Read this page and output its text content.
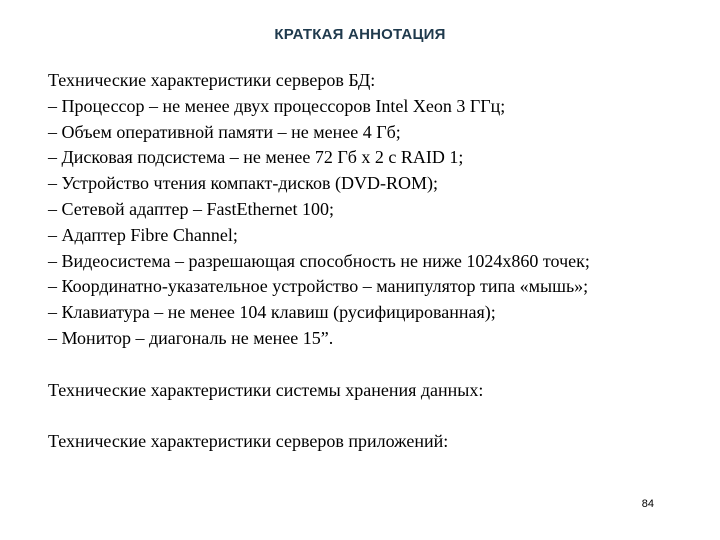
КРАТКАЯ АННОТАЦИЯ
Технические характеристики серверов БД:
– Процессор – не менее двух процессоров Intel Xeon 3 ГГц;
– Объем оперативной памяти – не менее 4 Гб;
– Дисковая подсистема – не менее 72 Гб x 2 c RAID 1;
– Устройство чтения компакт-дисков (DVD-ROM);
– Сетевой адаптер – FastEthernet 100;
– Адаптер Fibre Channel;
– Видеосистема – разрешающая способность не ниже 1024x860 точек;
– Координатно-указательное устройство – манипулятор типа «мышь»;
– Клавиатура – не менее 104 клавиш (русифицированная);
– Монитор – диагональ не менее 15”.
Технические характеристики системы хранения данных:
Технические характеристики серверов приложений:
84
